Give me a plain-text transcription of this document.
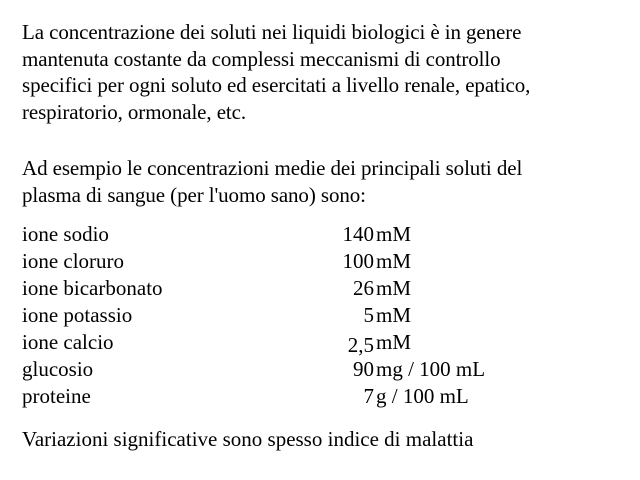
La concentrazione dei soluti nei liquidi biologici è in genere
mantenuta costante da complessi meccanismi di controllo
specifici per ogni soluto ed esercitati a livello renale, epatico,
respiratorio, ormonale, etc.
Ad esempio le concentrazioni medie dei principali soluti del
plasma di sangue (per l'uomo sano) sono:
ione sodio	140 mM
ione cloruro	100 mM
ione bicarbonato	26 mM
ione potassio	5 mM
ione calcio	2,5 mM
glucosio	90 mg / 100 mL
proteine	7 g / 100 mL
Variazioni significative sono spesso indice di malattia
